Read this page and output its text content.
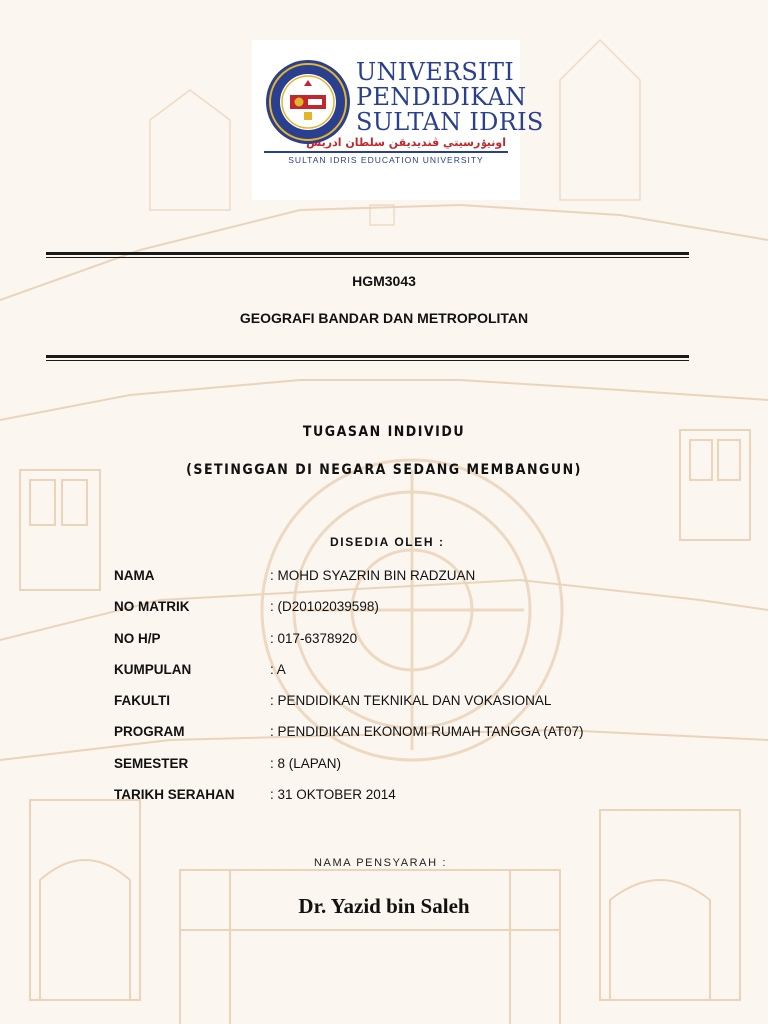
UNIVERSITI
PENDIDIKAN
SULTAN IDRIS
اونيۏرسيتي ڤنديديقن سلطان ادريس
SULTAN IDRIS EDUCATION UNIVERSITY
HGM3043
GEOGRAFI BANDAR DAN METROPOLITAN
TUGASAN INDIVIDU
(SETINGGAN DI NEGARA SEDANG MEMBANGUN)
DISEDIA OLEH :
NAMA	: MOHD SYAZRIN BIN RADZUAN
NO MATRIK	: (D20102039598)
NO H/P	: 017-6378920
KUMPULAN	: A
FAKULTI	: PENDIDIKAN TEKNIKAL DAN VOKASIONAL
PROGRAM	: PENDIDIKAN EKONOMI RUMAH TANGGA (AT07)
SEMESTER	: 8 (LAPAN)
TARIKH SERAHAN	: 31 OKTOBER 2014
NAMA PENSYARAH :
Dr. Yazid bin Saleh
